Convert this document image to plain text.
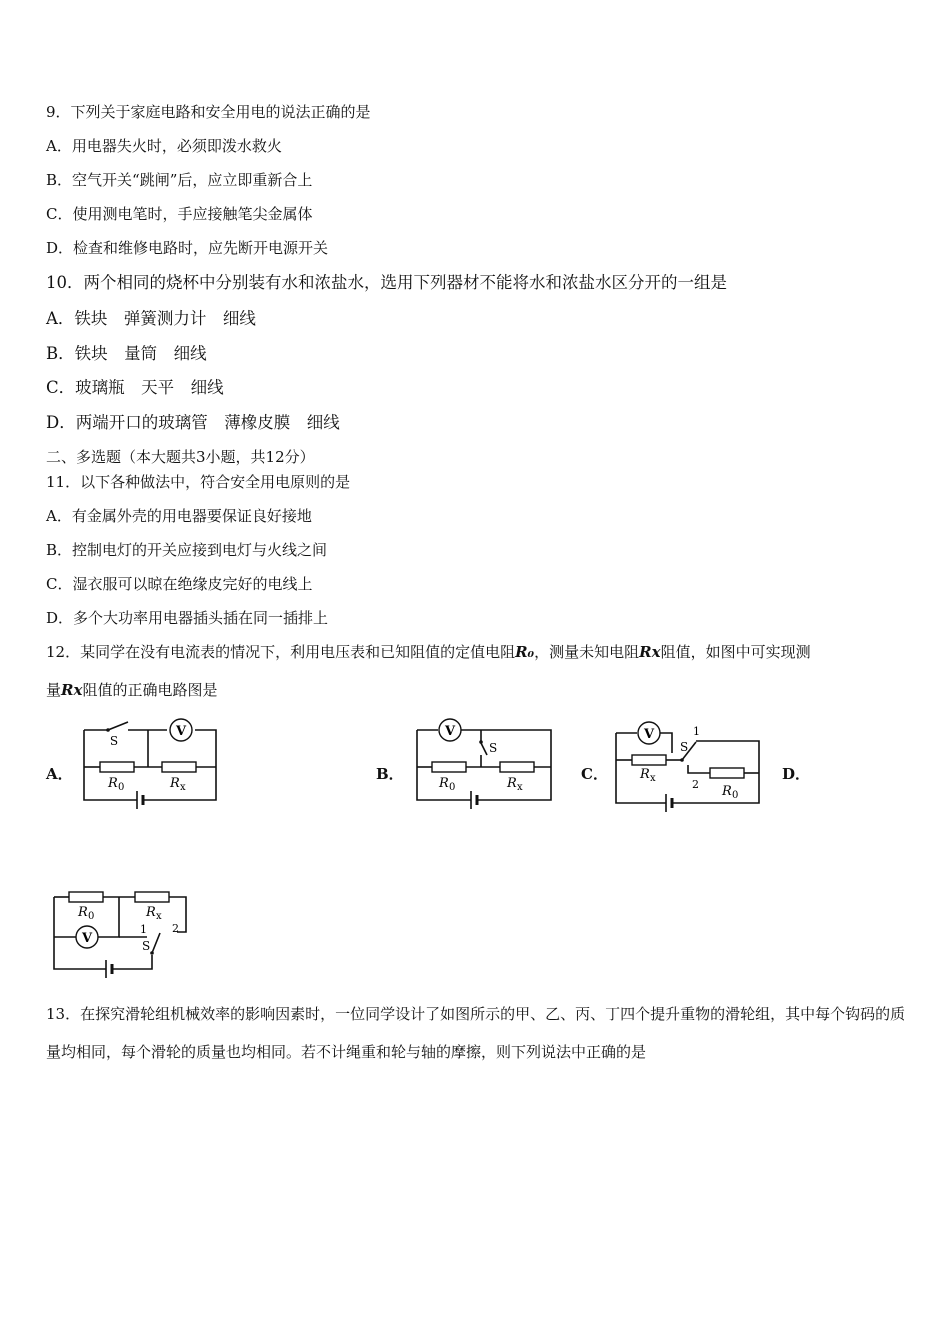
9．下列关于家庭电路和安全用电的说法正确的是
A．用电器失火时，必须即泼水救火
B．空气开关“跳闸”后，应立即重新合上
C．使用测电笔时，手应接触笔尖金属体
D．检查和维修电路时，应先断开电源开关
10．两个相同的烧杯中分别装有水和浓盐水，选用下列器材不能将水和浓盐水区分开的一组是
A．铁块　弹簧测力计　细线
B．铁块　量筒　细线
C．玻璃瓶　天平　细线
D．两端开口的玻璃管　薄橡皮膜　细线
二、多选题（本大题共3小题，共12分）
11．以下各种做法中，符合安全用电原则的是
A．有金属外壳的用电器要保证良好接地
B．控制电灯的开关应接到电灯与火线之间
C．湿衣服可以晾在绝缘皮完好的电线上
D．多个大功率用电器插头插在同一插排上
12．某同学在没有电流表的情况下，利用电压表和已知阻值的定值电阻R₀，测量未知电阻Rx阻值，如图中可实现测
量Rx阻值的正确电路图是
A．	B．	C．	D．
V
S
R 0	R x
V
S
R 0	R x
V
S
1
2
R x
R 0
V	S
1 2
R 0	R x
13．在探究滑轮组机械效率的影响因素时，一位同学设计了如图所示的甲、乙、丙、丁四个提升重物的滑轮组，其中每个钩码的质量均相同，每个滑轮的质量也均相同。若不计绳重和轮与轴的摩擦，则下列说法中正确的是
